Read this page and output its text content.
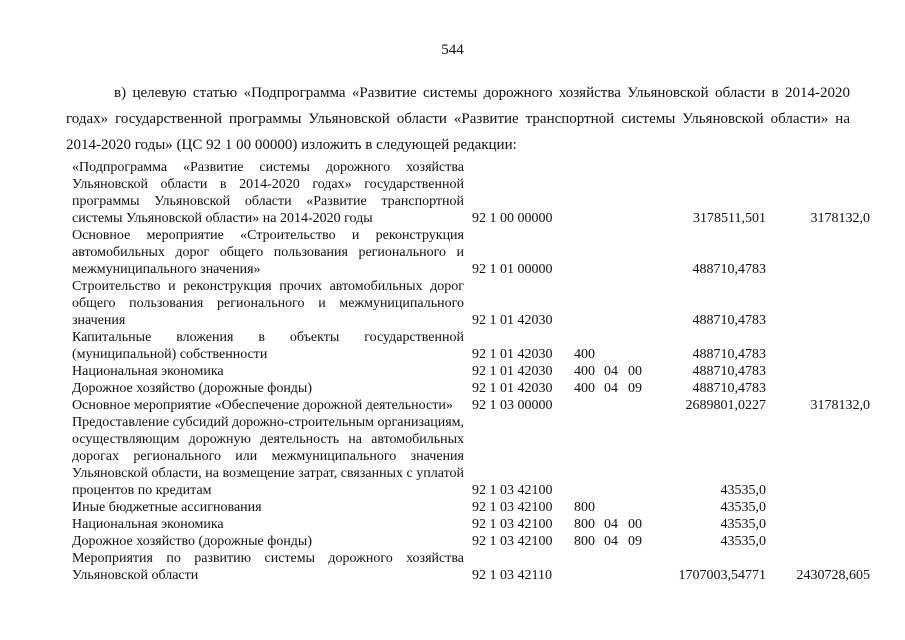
544

в) целевую статью «Подпрограмма «Развитие системы дорожного хозяйства Ульяновской области в 2014-2020 годах» государственной программы Ульяновской области «Развитие транспортной системы Ульяновской области» на 2014-2020 годы» (ЦС 92 1 00 00000) изложить в следующей редакции:

«Подпрограмма «Развитие системы дорожного хозяйства Ульяновской области в 2014-2020 годах» государственной программы Ульяновской области «Развитие транспортной системы Ульяновской области» на 2014-2020 годы	92 1 00 00000				3178511,501	3178132,0
Основное мероприятие «Строительство и реконструкция автомобильных дорог общего пользования регионального и межмуниципального значения»	92 1 01 00000				488710,4783	
Строительство и реконструкция прочих автомобильных дорог общего пользования регионального и межмуниципального значения	92 1 01 42030				488710,4783	
Капитальные вложения в объекты государственной (муниципальной) собственности	92 1 01 42030	400			488710,4783	
Национальная экономика	92 1 01 42030	400	04	00	488710,4783	
Дорожное хозяйство (дорожные фонды)	92 1 01 42030	400	04	09	488710,4783	
Основное мероприятие «Обеспечение дорожной деятельности»	92 1 03 00000				2689801,0227	3178132,0
Предоставление субсидий дорожно-строительным организациям, осуществляющим дорожную деятельность на автомобильных дорогах регионального или межмуниципального значения Ульяновской области, на возмещение затрат, связанных с уплатой процентов по кредитам	92 1 03 42100				43535,0	
Иные бюджетные ассигнования	92 1 03 42100	800			43535,0	
Национальная экономика	92 1 03 42100	800	04	00	43535,0	
Дорожное хозяйство (дорожные фонды)	92 1 03 42100	800	04	09	43535,0	
Мероприятия по развитию системы дорожного хозяйства Ульяновской области	92 1 03 42110				1707003,54771	2430728,605
